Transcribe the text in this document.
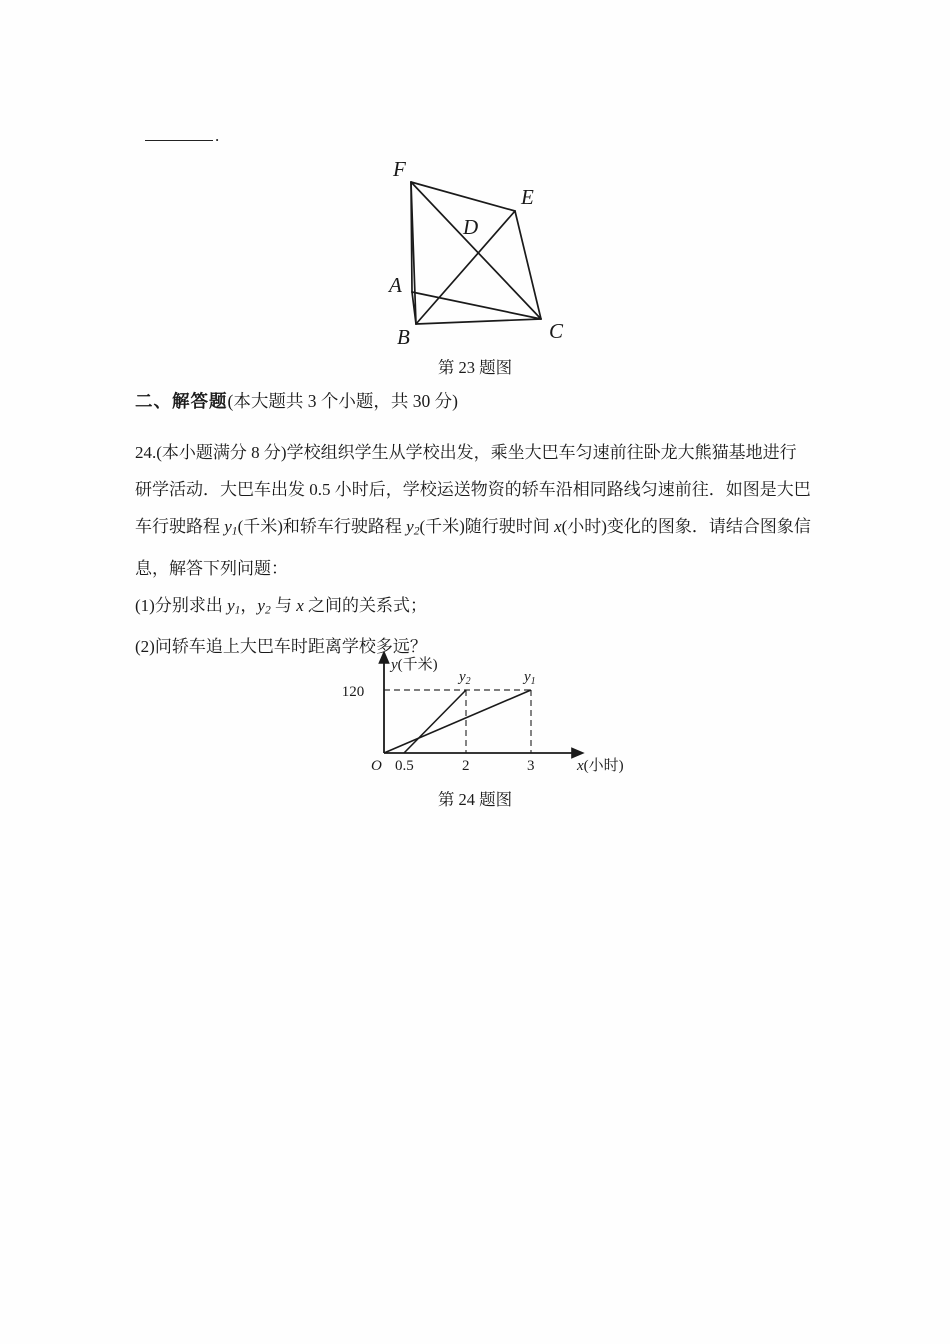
.
F
E
D
A
B	C
第 23 题图
二、解答题(本大题共 3 个小题，共 30 分)
24.(本小题满分 8 分)学校组织学生从学校出发，乘坐大巴车匀速前往卧龙大熊猫基地进行
研学活动．大巴车出发 0.5 小时后，学校运送物资的轿车沿相同路线匀速前往．如图是大巴
车行驶路程 $y_1$(千米)和轿车行驶路程 $y_2$(千米)随行驶时间 x(小时)变化的图象．请结合图象信
息，解答下列问题：
(1)分别求出 $y_1$，$y_2$ 与 x 之间的关系式；
(2)问轿车追上大巴车时距离学校多远？
y(千米)
x(小时)
O
120
0.5	2	3
$y_2$	$y_1$
第 24 题图
